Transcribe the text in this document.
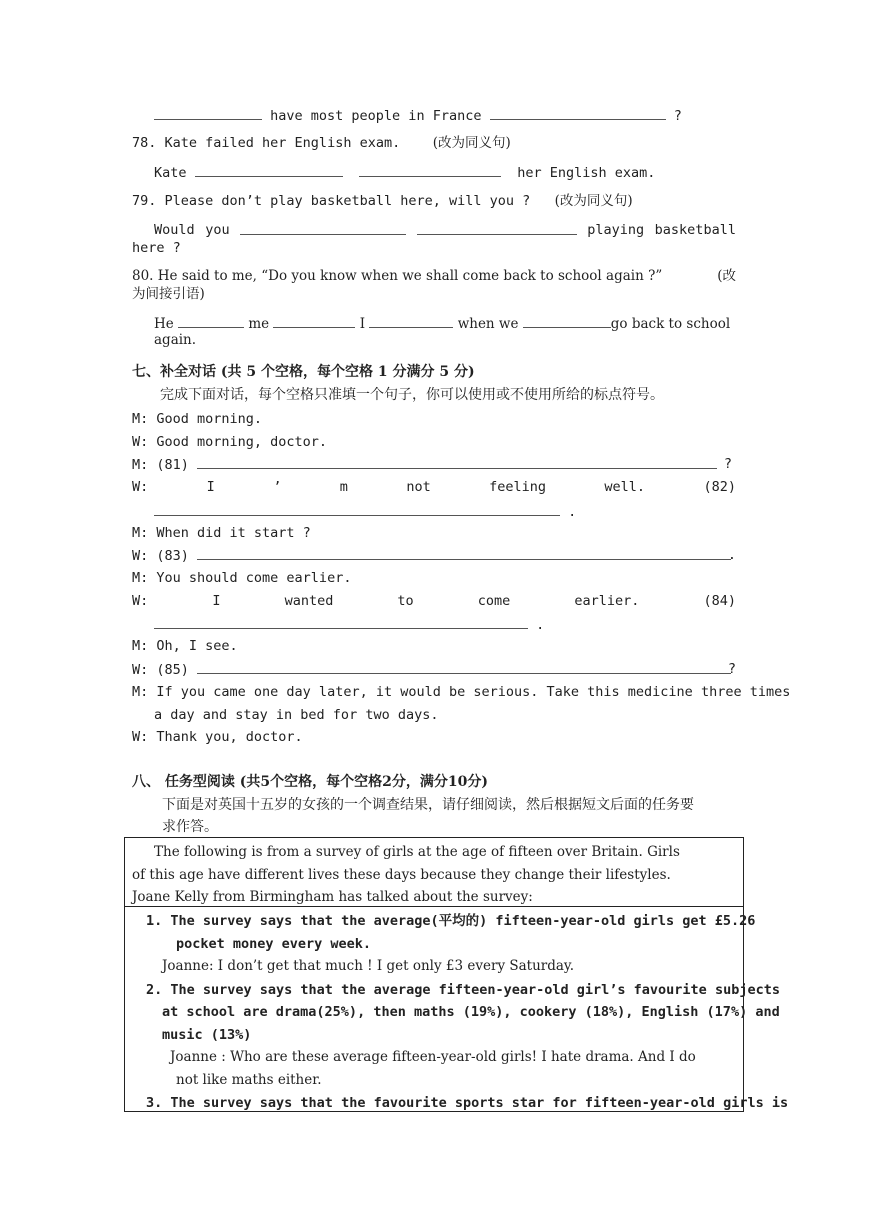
have most people in France	?
78. Kate failed her English exam. (改为同义句)
Kate	her English exam.
79. Please don’t play basketball here, will you ? (改为同义句)
Would you	playing basketball
here ?
80. He said to me, “Do you know when we shall come back to school again ?”	(改
为间接引语)
He	me	I	when we	go back to school
again.
七、补全对话 (共 5 个空格，每个空格 1 分满分 5 分)
完成下面对话，每个空格只准填一个句子，你可以使用或不使用所给的标点符号。
M: Good morning.
W: Good morning, doctor.
M: (81)	?
W:	I	’	m	not	feeling	well.	(82)
.
M: When did it start ?
W: (83)	.
M: You should come earlier.
W:	I	wanted	to	come	earlier.	(84)
.
M: Oh, I see.
W: (85)	?
M: If you came one day later, it would be serious. Take this medicine three times
a day and stay in bed for two days.
W: Thank you, doctor.
八、 任务型阅读 (共5个空格，每个空格2分，满分10分)
下面是对英国十五岁的女孩的一个调查结果，请仔细阅读，然后根据短文后面的任务要
求作答。
The following is from a survey of girls at the age of fifteen over Britain. Girls
of this age have different lives these days because they change their lifestyles.
Joane Kelly from Birmingham has talked about the survey:
1. The survey says that the average(平均的) fifteen-year-old girls get £5.26
pocket money every week.
Joanne: I don’t get that much ! I get only £3 every Saturday.
2. The survey says that the average fifteen-year-old girl’s favourite subjects
at school are drama(25%), then maths (19%), cookery (18%), English (17%) and
music (13%)
Joanne : Who are these average fifteen-year-old girls! I hate drama. And I do
not like maths either.
3. The survey says that the favourite sports star for fifteen-year-old girls is
